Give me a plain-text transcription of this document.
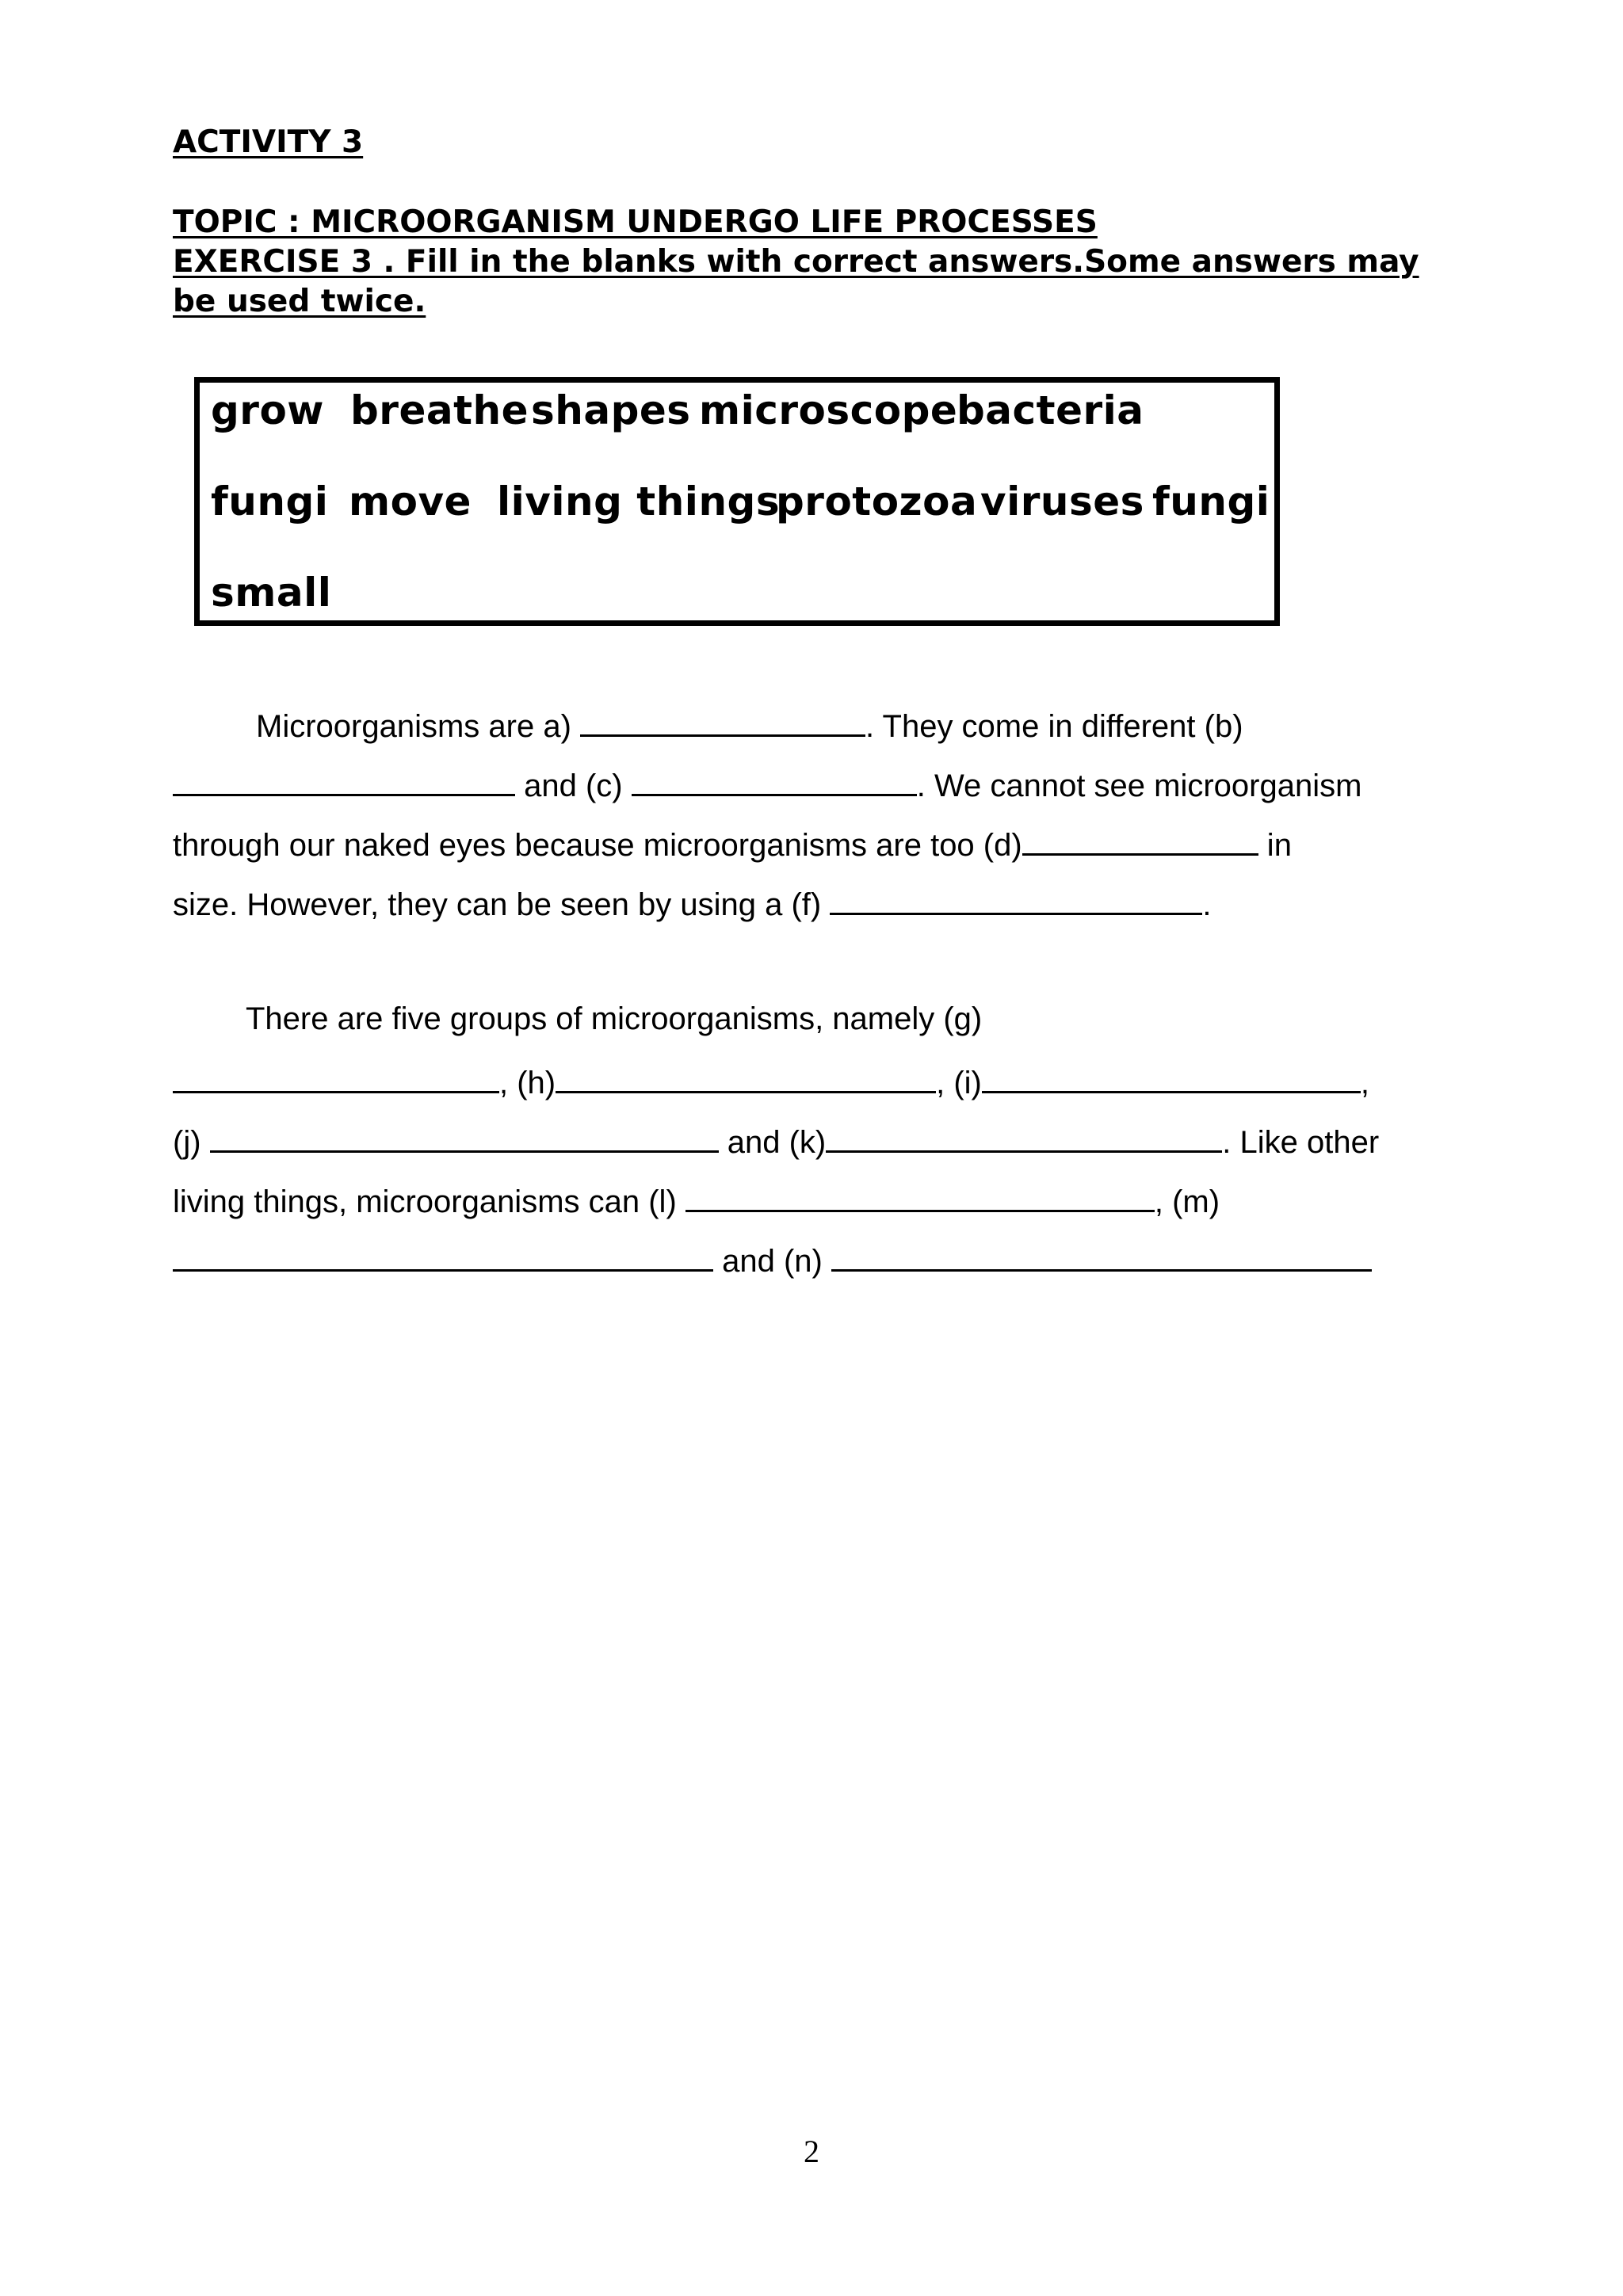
ACTIVITY 3
TOPIC : MICROORGANISM UNDERGO LIFE PROCESSES
EXERCISE 3 . Fill in the blanks with correct answers.Some answers may
be used twice.
grow breathe shapes microscope
bacteria
fungi move living things
protozoa viruses fungi
small
Microorganisms are a)	. They come in different (b)
and (c)	. We cannot see microorganism
through our naked eyes because microorganisms are too (d)	in
size. However, they can be seen by using a (f)	.
There are five groups of microorganisms, namely (g)
, (h)	, (i)	,
(j)	and (k)	. Like other
living things, microorganisms can (l)	, (m)
and (n)
2
